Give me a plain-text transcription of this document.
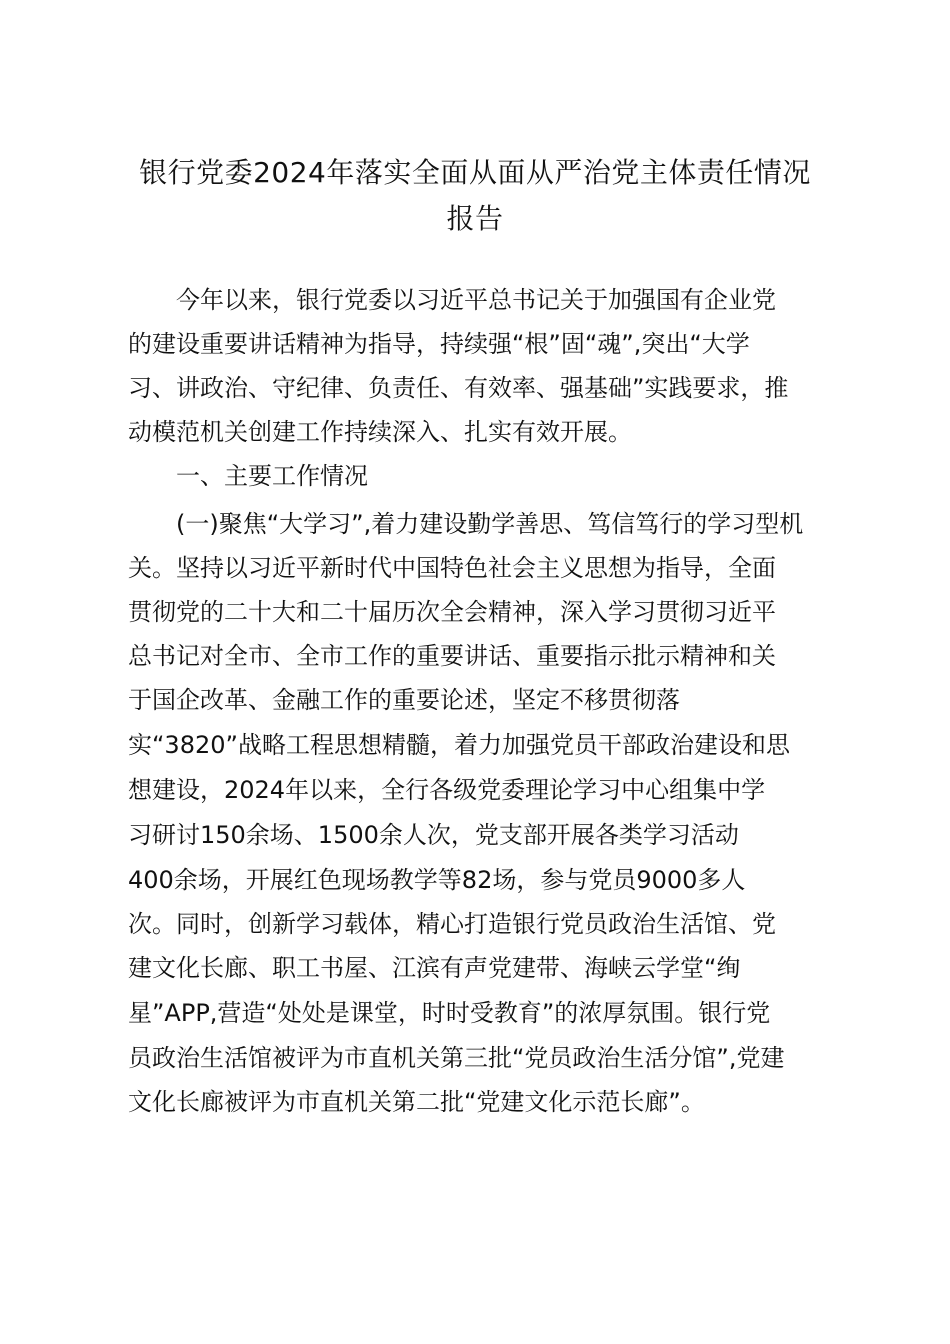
银行党委2024年落实全面从面从严治党主体责任情况
报告

今年以来，银行党委以习近平总书记关于加强国有企业党

的建设重要讲话精神为指导，持续强“根”固“魂”,突出“大学

习、讲政治、守纪律、负责任、有效率、强基础”实践要求，推

动模范机关创建工作持续深入、扎实有效开展。

一、主要工作情况

(一)聚焦“大学习”,着力建设勤学善思、笃信笃行的学习型机

关。坚持以习近平新时代中国特色社会主义思想为指导，全面

贯彻党的二十大和二十届历次全会精神，深入学习贯彻习近平

总书记对全市、全市工作的重要讲话、重要指示批示精神和关

于国企改革、金融工作的重要论述，坚定不移贯彻落

实“3820”战略工程思想精髓，着力加强党员干部政治建设和思

想建设，2024年以来，全行各级党委理论学习中心组集中学

习研讨150余场、1500余人次，党支部开展各类学习活动

400余场，开展红色现场教学等82场，参与党员9000多人

次。同时，创新学习载体，精心打造银行党员政治生活馆、党

建文化长廊、职工书屋、江滨有声党建带、海峡云学堂“绚

星”APP,营造“处处是课堂，时时受教育”的浓厚氛围。银行党

员政治生活馆被评为市直机关第三批“党员政治生活分馆”,党建

文化长廊被评为市直机关第二批“党建文化示范长廊”。
